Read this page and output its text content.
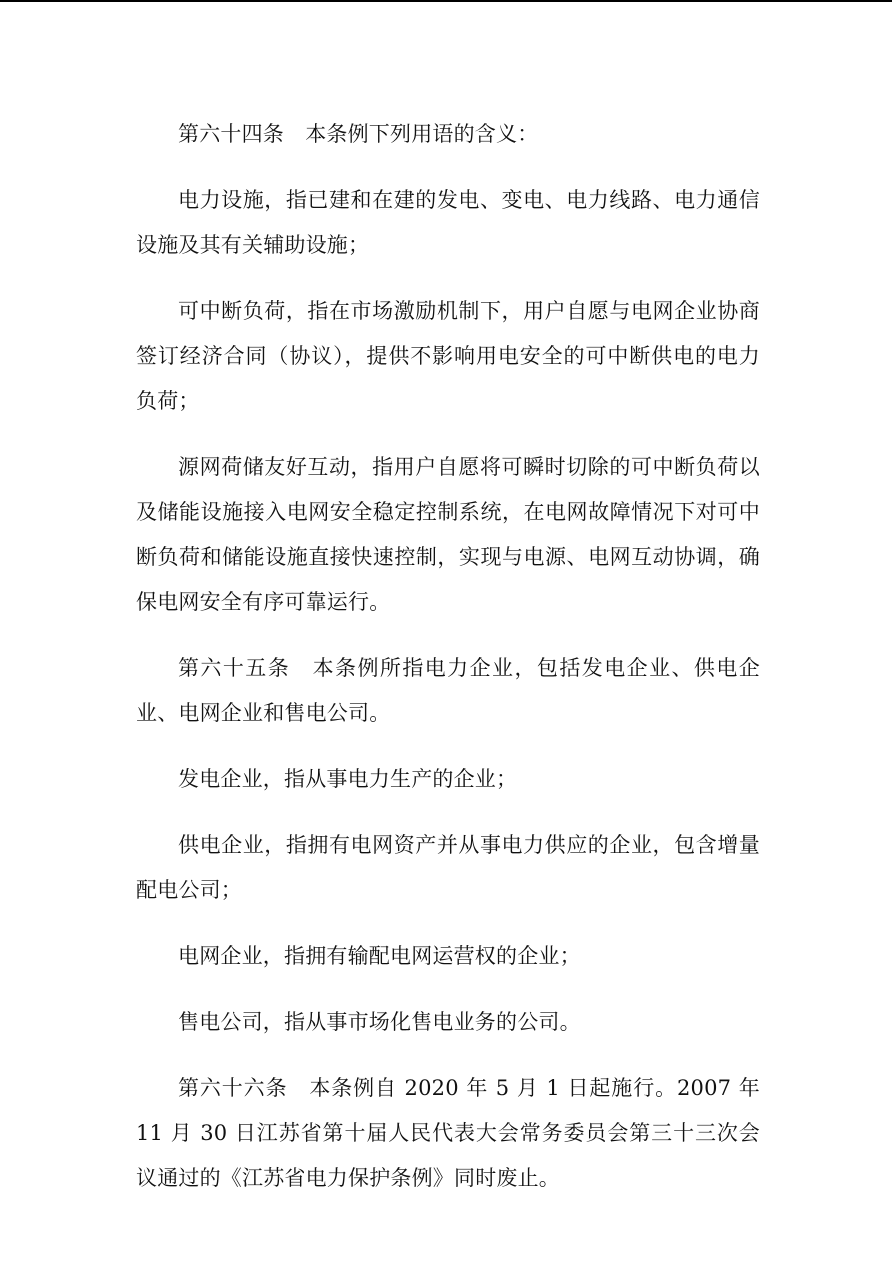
第六十四条　本条例下列用语的含义：

电力设施，指已建和在建的发电、变电、电力线路、电力通信设施及其有关辅助设施；

可中断负荷，指在市场激励机制下，用户自愿与电网企业协商签订经济合同（协议），提供不影响用电安全的可中断供电的电力负荷；

源网荷储友好互动，指用户自愿将可瞬时切除的可中断负荷以及储能设施接入电网安全稳定控制系统，在电网故障情况下对可中断负荷和储能设施直接快速控制，实现与电源、电网互动协调，确保电网安全有序可靠运行。

第六十五条　本条例所指电力企业，包括发电企业、供电企业、电网企业和售电公司。

发电企业，指从事电力生产的企业；

供电企业，指拥有电网资产并从事电力供应的企业，包含增量配电公司；

电网企业，指拥有输配电网运营权的企业；

售电公司，指从事市场化售电业务的公司。

第六十六条　本条例自 2020 年 5 月 1 日起施行。2007 年 11 月 30 日江苏省第十届人民代表大会常务委员会第三十三次会议通过的《江苏省电力保护条例》同时废止。
